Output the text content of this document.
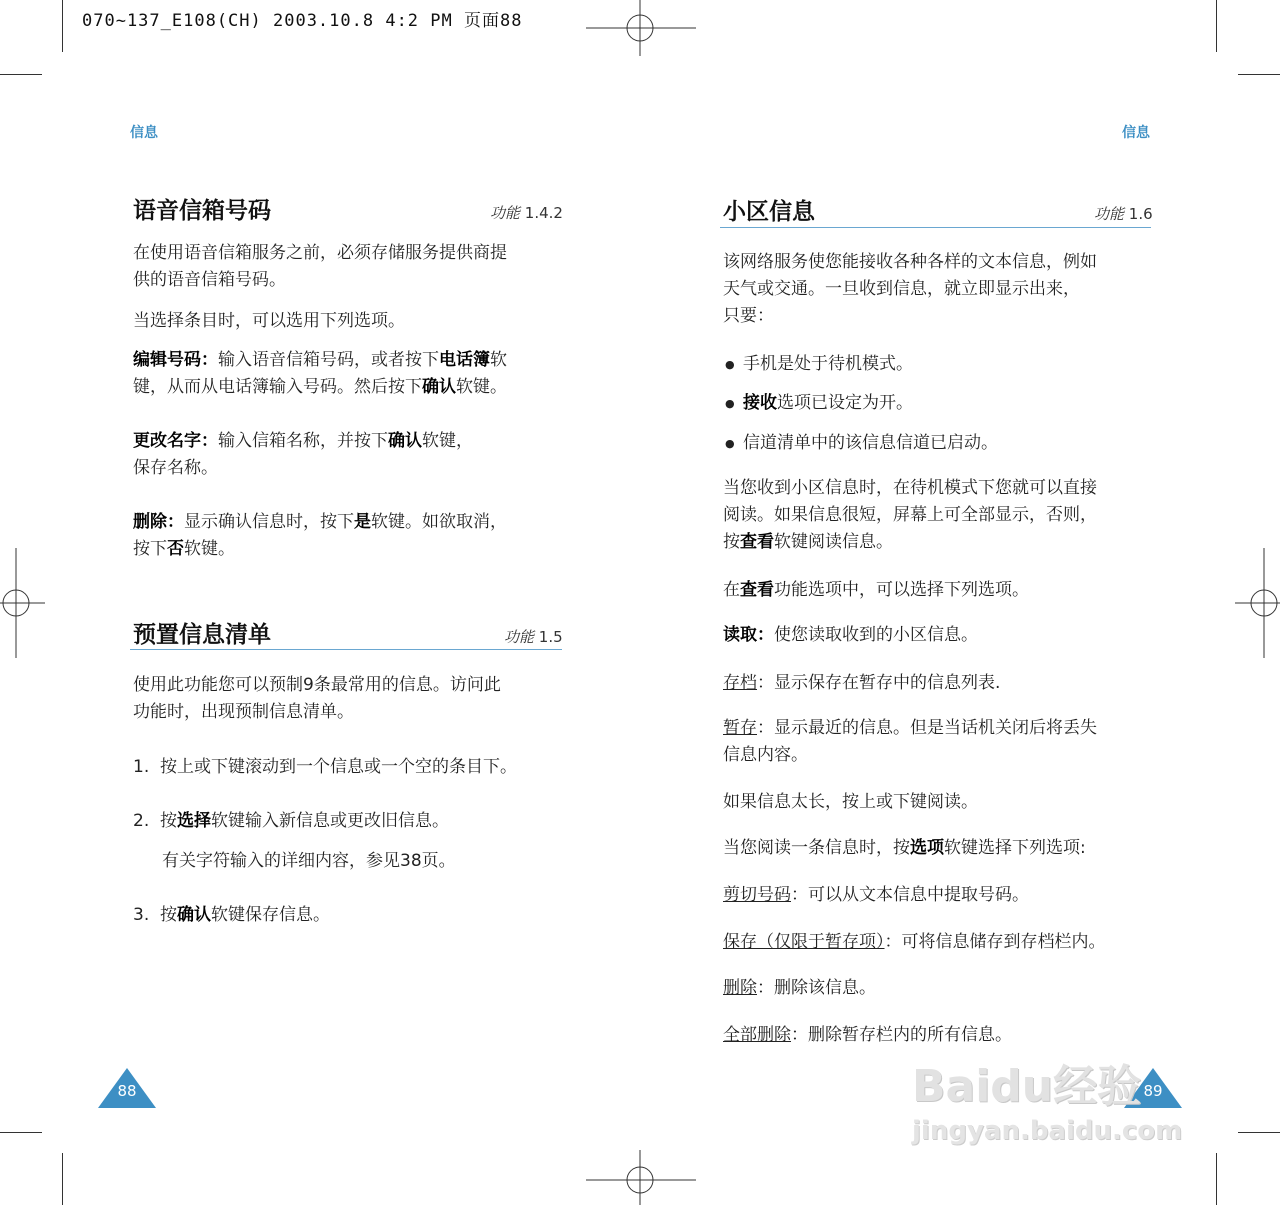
070~137_E108(CH) 2003.10.8 4:2 PM 页面88
信息
语音信箱号码	功能 1.4.2
在使用语音信箱服务之前，必须存储服务提供商提
供的语音信箱号码。
当选择条目时，可以选用下列选项。
编辑号码：输入语音信箱号码，或者按下电话簿软
键，从而从电话簿输入号码。然后按下确认软键。
更改名字：输入信箱名称，并按下确认软键，
保存名称。
删除：显示确认信息时，按下是软键。如欲取消，
按下否软键。
预置信息清单	功能 1.5
使用此功能您可以预制9条最常用的信息。访问此
功能时，出现预制信息清单。
1.  按上或下键滚动到一个信息或一个空的条目下。
2.  按选择软键输入新信息或更改旧信息。
有关字符输入的详细内容，参见38页。
3.  按确认软键保存信息。
88
信息
小区信息	功能 1.6
该网络服务使您能接收各种各样的文本信息，例如
天气或交通。一旦收到信息，就立即显示出来，
只要：
● 手机是处于待机模式。
● 接收选项已设定为开。
● 信道清单中的该信息信道已启动。
当您收到小区信息时，在待机模式下您就可以直接
阅读。如果信息很短，屏幕上可全部显示，否则，
按查看软键阅读信息。
在查看功能选项中，可以选择下列选项。
读取：使您读取收到的小区信息。
存档：显示保存在暂存中的信息列表.
暂存：显示最近的信息。但是当话机关闭后将丢失
信息内容。
如果信息太长，按上或下键阅读。
当您阅读一条信息时，按选项软键选择下列选项:
剪切号码：可以从文本信息中提取号码。
保存（仅限于暂存项）：可将信息储存到存档栏内。
删除：删除该信息。
全部删除：删除暂存栏内的所有信息。
89
Baidu经验
jingyan.baidu.com
